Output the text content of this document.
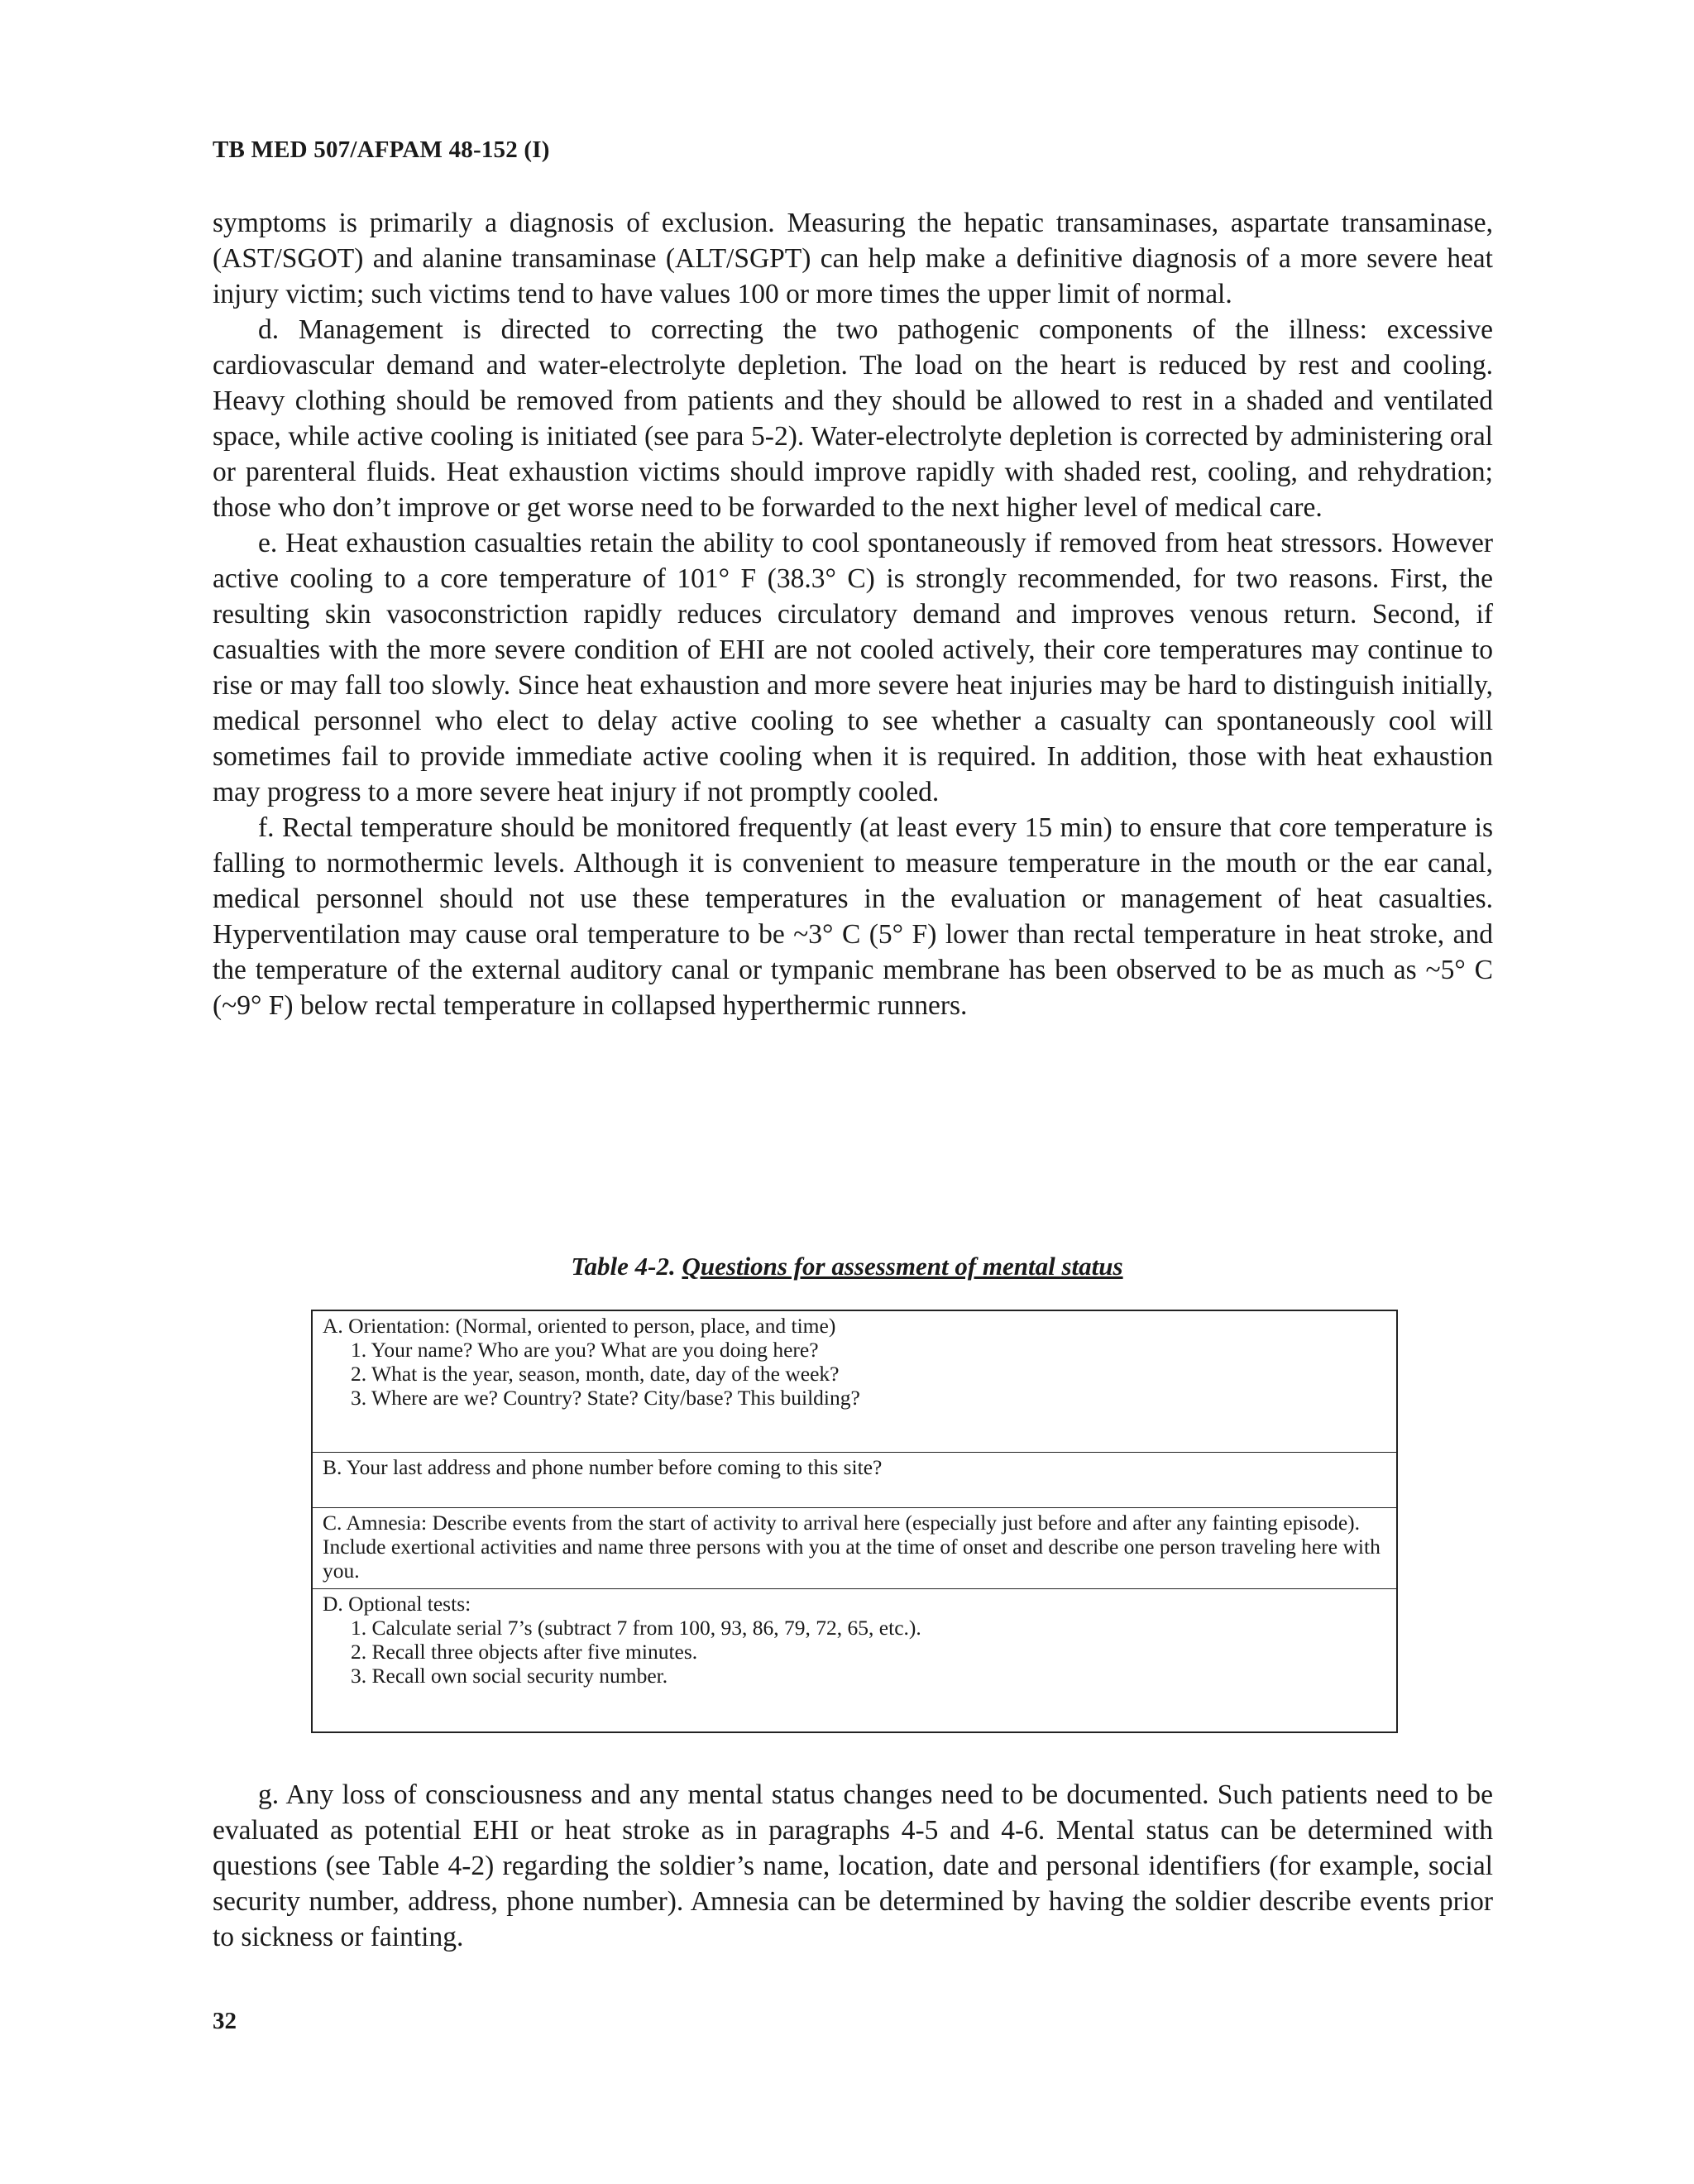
TB MED 507/AFPAM 48-152 (I)

symptoms is primarily a diagnosis of exclusion. Measuring the hepatic transaminases, aspartate transaminase, (AST/SGOT) and alanine transaminase (ALT/SGPT) can help make a definitive diagnosis of a more severe heat injury victim; such victims tend to have values 100 or more times the upper limit of normal.

d. Management is directed to correcting the two pathogenic components of the illness: excessive cardiovascular demand and water-electrolyte depletion. The load on the heart is reduced by rest and cooling. Heavy clothing should be removed from patients and they should be allowed to rest in a shaded and ventilated space, while active cooling is initiated (see para 5-2). Water-electrolyte depletion is corrected by administering oral or parenteral fluids. Heat exhaustion victims should improve rapidly with shaded rest, cooling, and rehydration; those who don’t improve or get worse need to be forwarded to the next higher level of medical care.

e. Heat exhaustion casualties retain the ability to cool spontaneously if removed from heat stressors. However active cooling to a core temperature of 101° F (38.3° C) is strongly recommended, for two reasons. First, the resulting skin vasoconstriction rapidly reduces circulatory demand and improves venous return. Second, if casualties with the more severe condition of EHI are not cooled actively, their core temperatures may continue to rise or may fall too slowly. Since heat exhaustion and more severe heat injuries may be hard to distinguish initially, medical personnel who elect to delay active cooling to see whether a casualty can spontaneously cool will sometimes fail to provide immediate active cooling when it is required. In addition, those with heat exhaustion may progress to a more severe heat injury if not promptly cooled.

f. Rectal temperature should be monitored frequently (at least every 15 min) to ensure that core temperature is falling to normothermic levels. Although it is convenient to measure temperature in the mouth or the ear canal, medical personnel should not use these temperatures in the evaluation or management of heat casualties. Hyperventilation may cause oral temperature to be ~3° C (5° F) lower than rectal temperature in heat stroke, and the temperature of the external auditory canal or tympanic membrane has been observed to be as much as ~5° C (~9° F) below rectal temperature in collapsed hyperthermic runners.

Table 4-2. Questions for assessment of mental status
A. Orientation: (Normal, oriented to person, place, and time)
1. Your name? Who are you? What are you doing here?
2. What is the year, season, month, date, day of the week?
3. Where are we? Country? State? City/base? This building?
B. Your last address and phone number before coming to this site?
C. Amnesia: Describe events from the start of activity to arrival here (especially just before and after any fainting episode). Include exertional activities and name three persons with you at the time of onset and describe one person traveling here with you.
D. Optional tests:
1. Calculate serial 7’s (subtract 7 from 100, 93, 86, 79, 72, 65, etc.).
2. Recall three objects after five minutes.
3. Recall own social security number.

g. Any loss of consciousness and any mental status changes need to be documented. Such patients need to be evaluated as potential EHI or heat stroke as in paragraphs 4-5 and 4-6. Mental status can be determined with questions (see Table 4-2) regarding the soldier’s name, location, date and personal identifiers (for example, social security number, address, phone number). Amnesia can be determined by having the soldier describe events prior to sickness or fainting.

32
